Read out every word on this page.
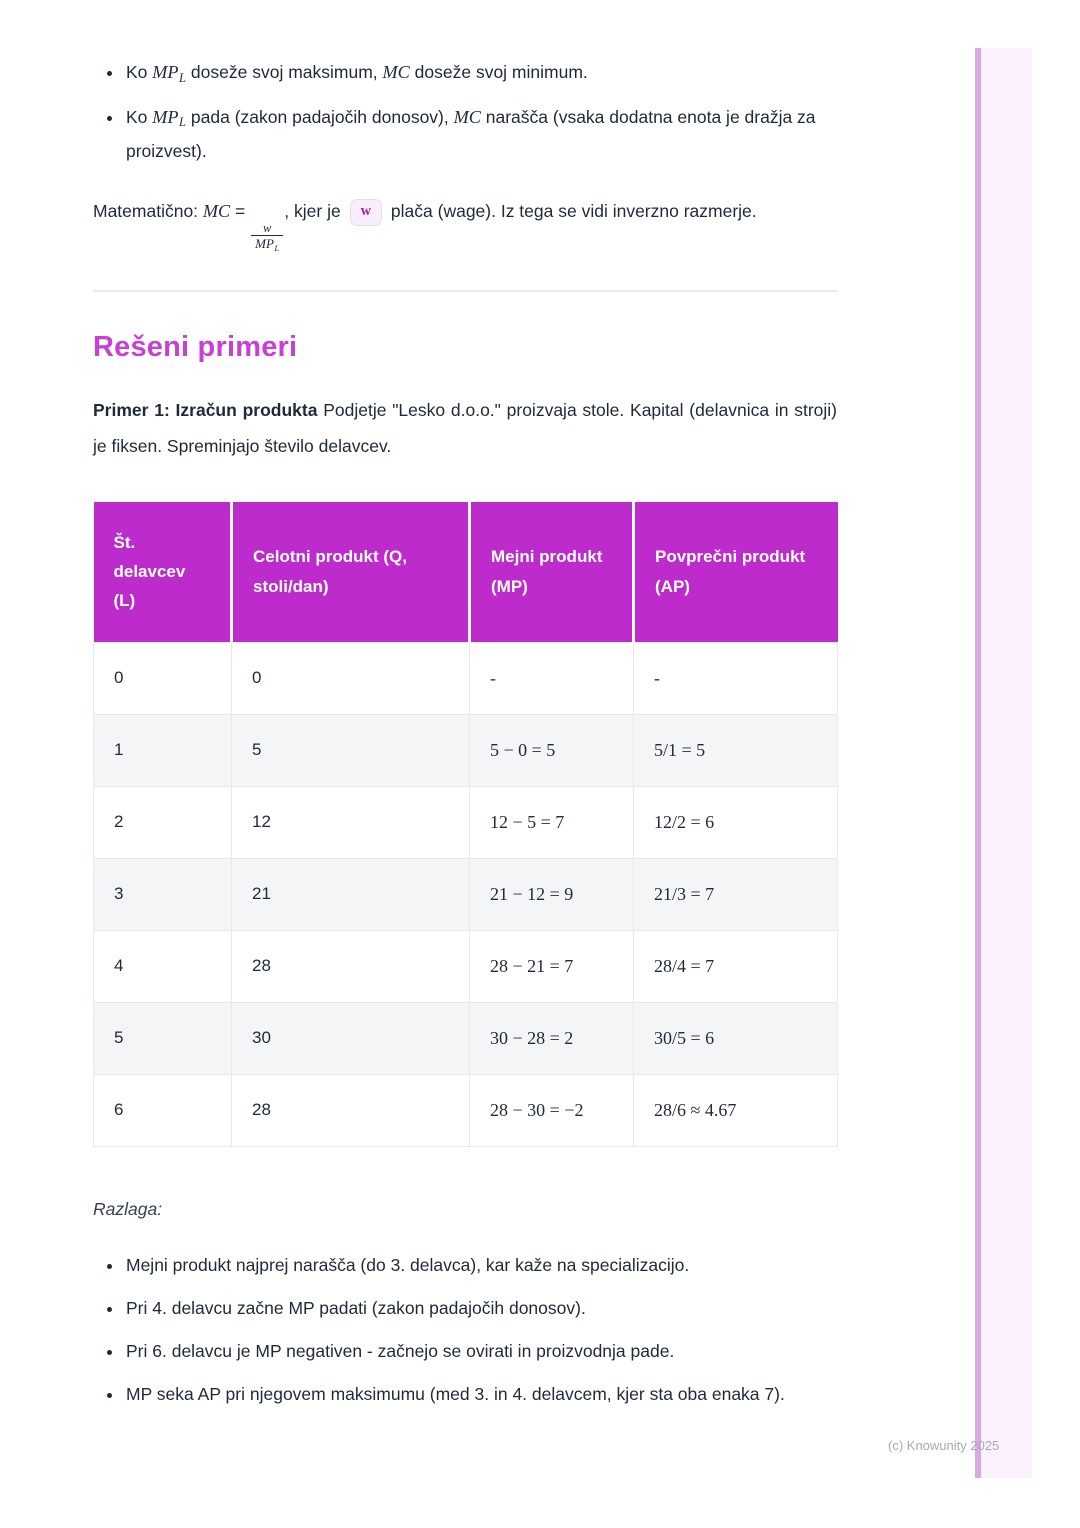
• Ko $MP_L$ doseže svoj maksimum, MC doseže svoj minimum.
• Ko $MP_L$ pada (zakon padajočih donosov), MC narašča (vsaka dodatna enota je dražja za proizvest).

Matematično: MC =
$\frac{w}{\text{MPL}}$
, kjer je w plača (wage). Iz tega se vidi inverzno razmerje.

Rešeni primeri

Primer 1: Izračun produkta Podjetje "Lesko d.o.o." proizvaja stole. Kapital (delavnica in stroji) je fiksen. Spreminjajo število delavcev.

Št. delavcev (L)	Celotni produkt (Q, stoli/dan)	Mejni produkt (MP)	Povprečni produkt (AP)
0	0	-	-
1	5	5 − 0 = 5	5/1 = 5
2	12	12 − 5 = 7	12/2 = 6
3	21	21 − 12 = 9	21/3 = 7
4	28	28 − 21 = 7	28/4 = 7
5	30	30 − 28 = 2	30/5 = 6
6	28	28 − 30 = −2	28/6 ≈ 4.67

Razlaga:

• Mejni produkt najprej narašča (do 3. delavca), kar kaže na specializacijo.
• Pri 4. delavcu začne MP padati (zakon padajočih donosov).
• Pri 6. delavcu je MP negativen - začnejo se ovirati in proizvodnja pade.
• MP seka AP pri njegovem maksimumu (med 3. in 4. delavcem, kjer sta oba enaka 7).
(c) Knowunity 2025
